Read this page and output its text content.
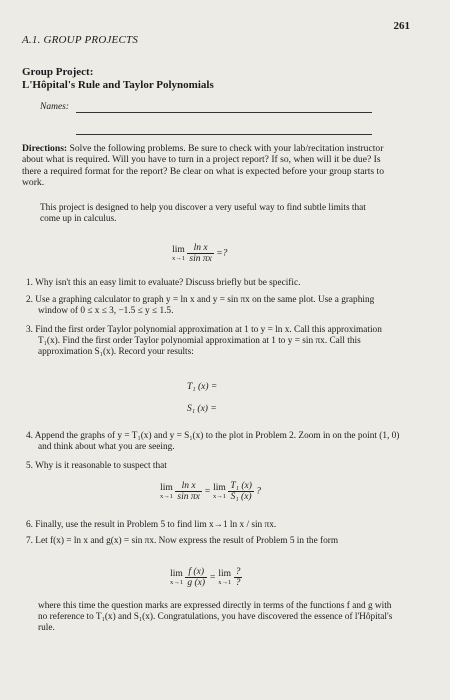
261
A.1. GROUP PROJECTS
Group Project:
L'Hôpital's Rule and Taylor Polynomials
Names:
Directions: Solve the following problems. Be sure to check with your lab/recitation instructor about what is required. Will you have to turn in a project report? If so, when will it be due? Is there a required format for the report? Be clear on what is expected before your group starts to work.
This project is designed to help you discover a very useful way to find subtle limits that come up in calculus.
lim
x→1
$\frac{\text{ln x}}{\text{sin πx}}$ =?
1. Why isn't this an easy limit to evaluate? Discuss briefly but be specific.
2. Use a graphing calculator to graph y = ln x and y = sin πx on the same plot. Use a graphing window of 0 ≤ x ≤ 3, −1.5 ≤ y ≤ 1.5.
3. Find the first order Taylor polynomial approximation at 1 to y = ln x. Call this approximation T₁(x). Find the first order Taylor polynomial approximation at 1 to y = sin πx. Call this approximation S₁(x). Record your results:
T₁ (x) =
S₁ (x) =
4. Append the graphs of y = T₁(x) and y = S₁(x) to the plot in Problem 2. Zoom in on the point (1, 0) and think about what you are seeing.
5. Why is it reasonable to suspect that
lim
x→1
$\frac{\text{ln x}}{\text{sin πx}} = \lim$
x→1
$\frac{\text{T₁ (x)}}{\text{S₁ (x)}}$ ?
6. Finally, use the result in Problem 5 to find lim x→1 ln x / sin πx.
7. Let f(x) = ln x and g(x) = sin πx. Now express the result of Problem 5 in the form
lim
x→1
$\frac{f (x)}{g (x)} = \lim$
x→1
$\frac{?}{?}$
where this time the question marks are expressed directly in terms of the functions f and g with no reference to T₁(x) and S₁(x). Congratulations, you have discovered the essence of l'Hôpital's rule.
